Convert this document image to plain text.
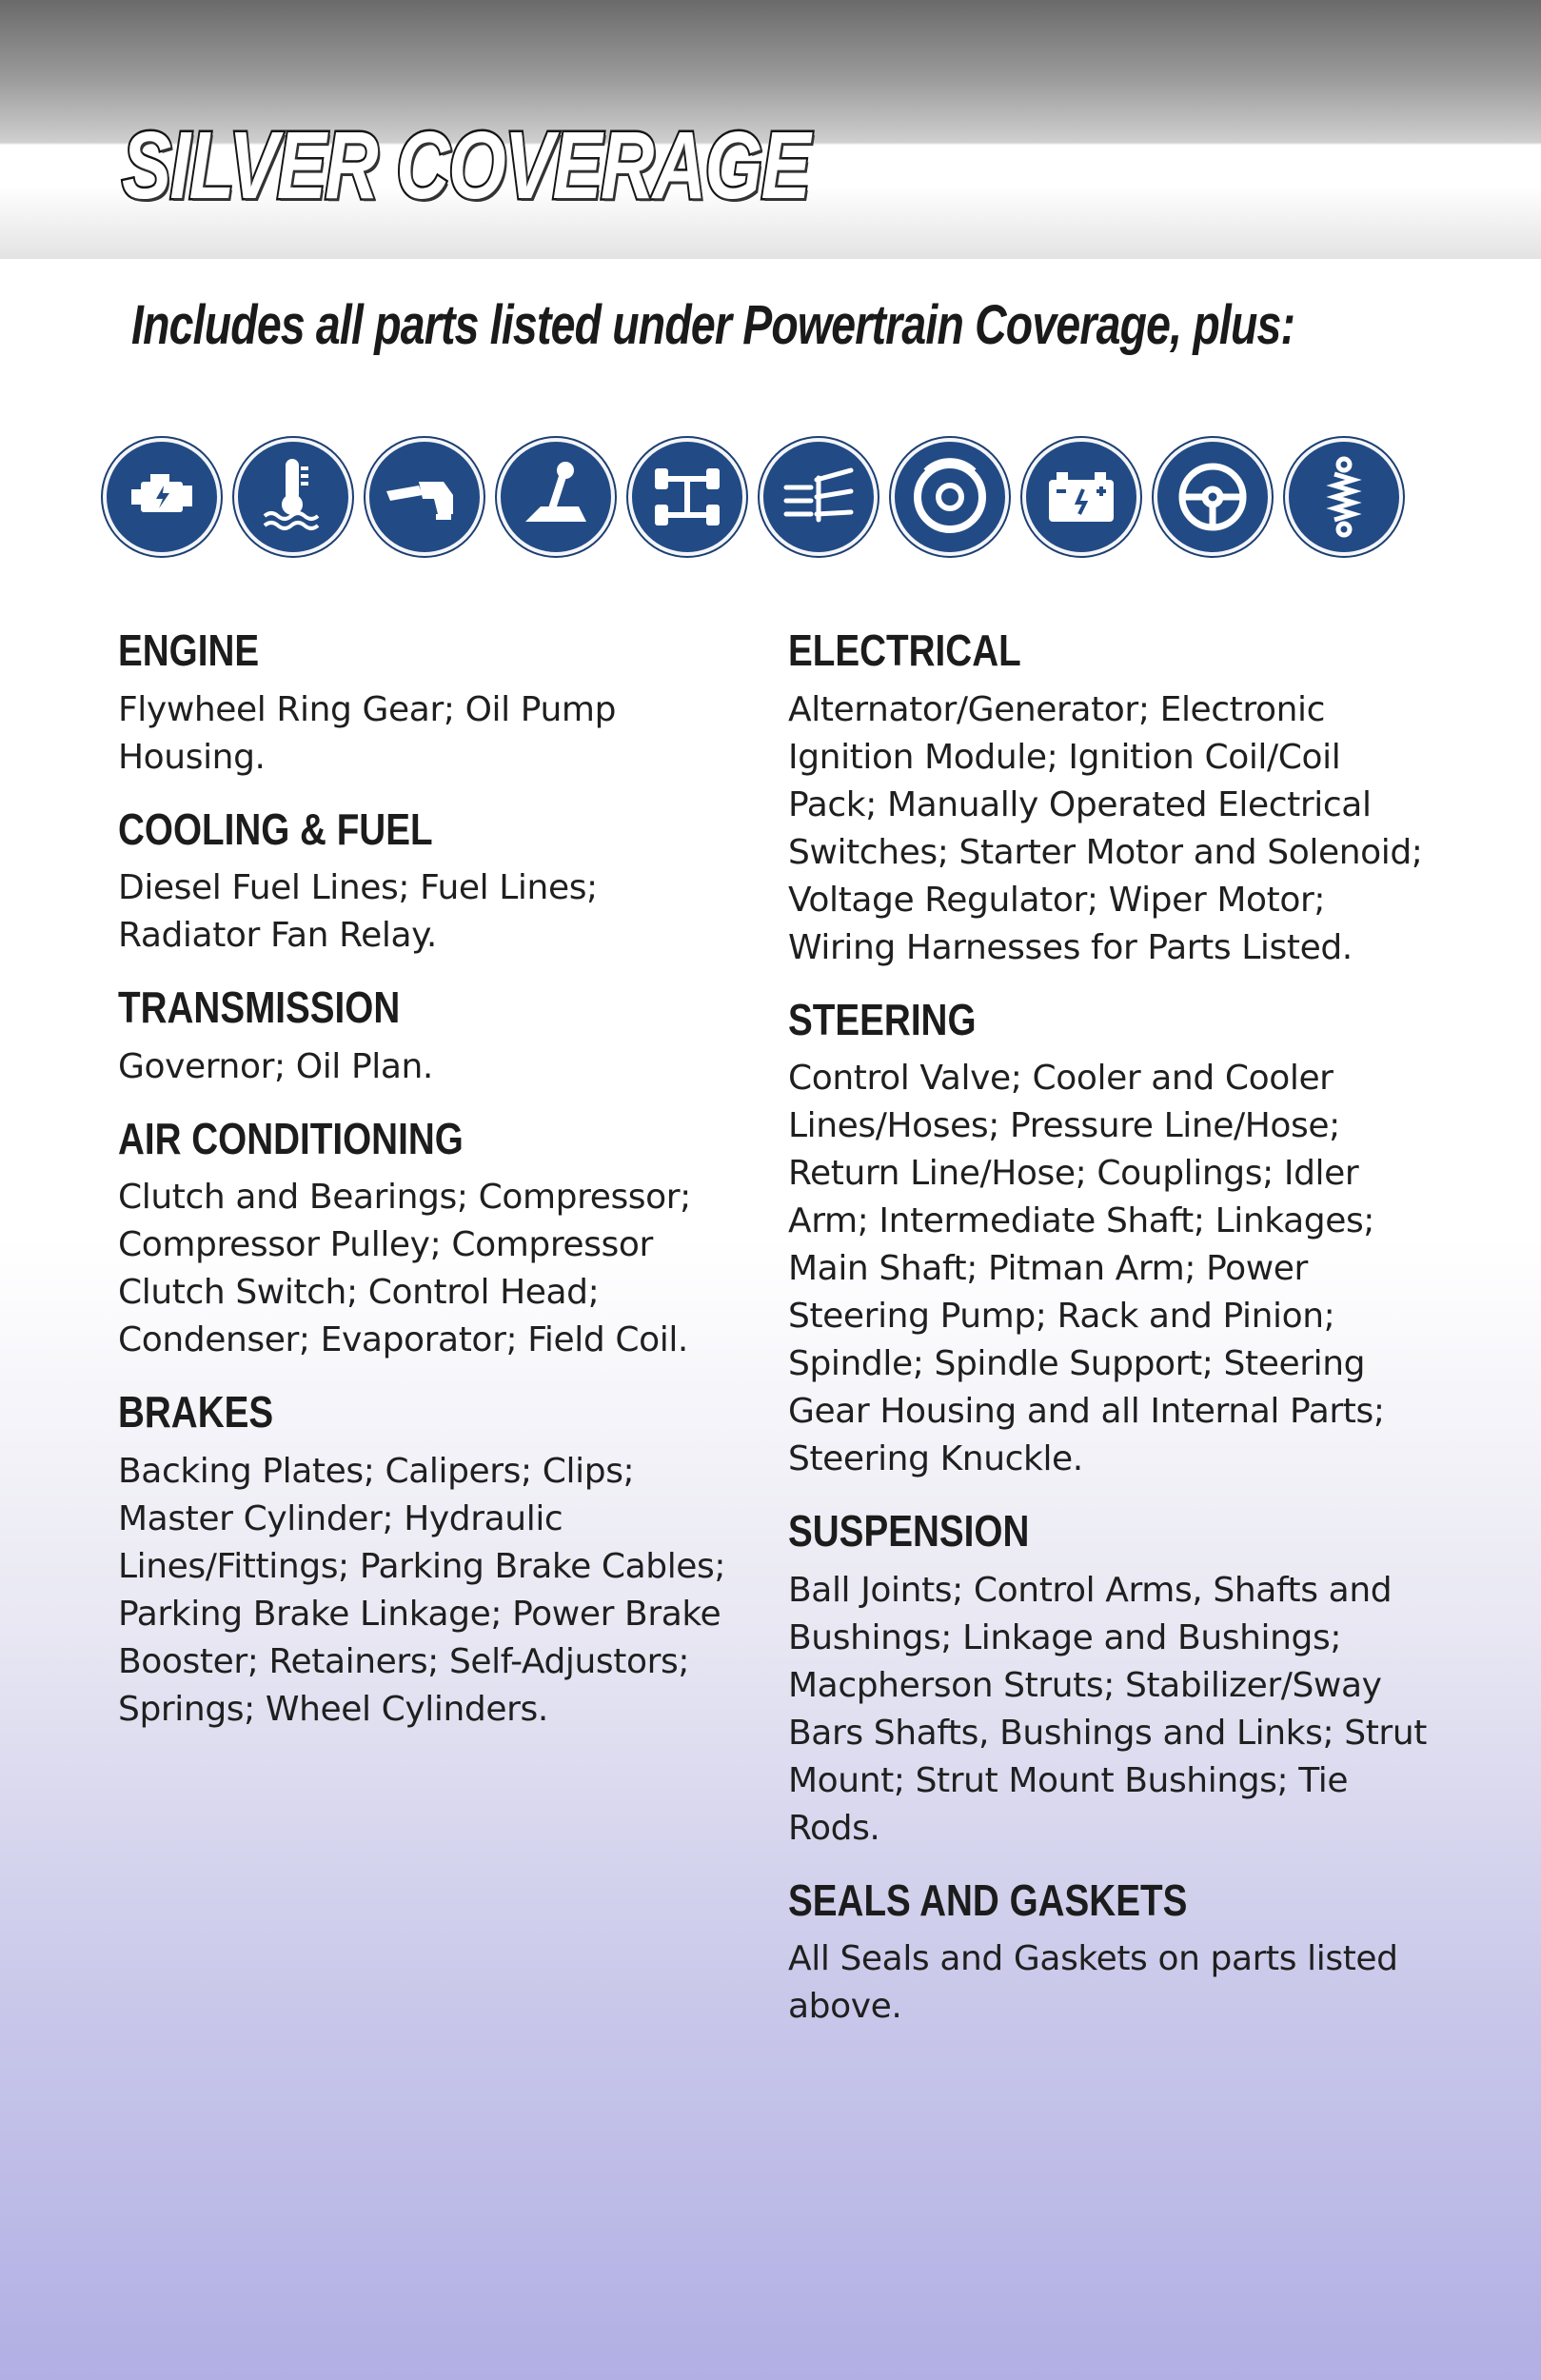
SILVER COVERAGE
Includes all parts listed under Powertrain Coverage, plus:
ENGINE
Flywheel Ring Gear; Oil Pump Housing.
COOLING & FUEL
Diesel Fuel Lines; Fuel Lines; Radiator Fan Relay.
TRANSMISSION
Governor; Oil Plan.
AIR CONDITIONING
Clutch and Bearings; Compressor; Compressor Pulley; Compressor Clutch Switch; Control Head; Condenser; Evaporator; Field Coil.
BRAKES
Backing Plates; Calipers; Clips; Master Cylinder; Hydraulic Lines/Fittings; Parking Brake Cables; Parking Brake Linkage; Power Brake Booster; Retainers; Self-Adjustors; Springs; Wheel Cylinders.
ELECTRICAL
Alternator/Generator; Electronic Ignition Module; Ignition Coil/Coil Pack; Manually Operated Electrical Switches; Starter Motor and Solenoid; Voltage Regulator; Wiper Motor; Wiring Harnesses for Parts Listed.
STEERING
Control Valve; Cooler and Cooler Lines/Hoses; Pressure Line/Hose; Return Line/Hose; Couplings; Idler Arm; Intermediate Shaft; Linkages; Main Shaft; Pitman Arm; Power Steering Pump; Rack and Pinion; Spindle; Spindle Support; Steering Gear Housing and all Internal Parts; Steering Knuckle.
SUSPENSION
Ball Joints; Control Arms, Shafts and Bushings; Linkage and Bushings; Macpherson Struts; Stabilizer/Sway Bars Shafts, Bushings and Links; Strut Mount; Strut Mount Bushings; Tie Rods.
SEALS AND GASKETS
All Seals and Gaskets on parts listed above.
